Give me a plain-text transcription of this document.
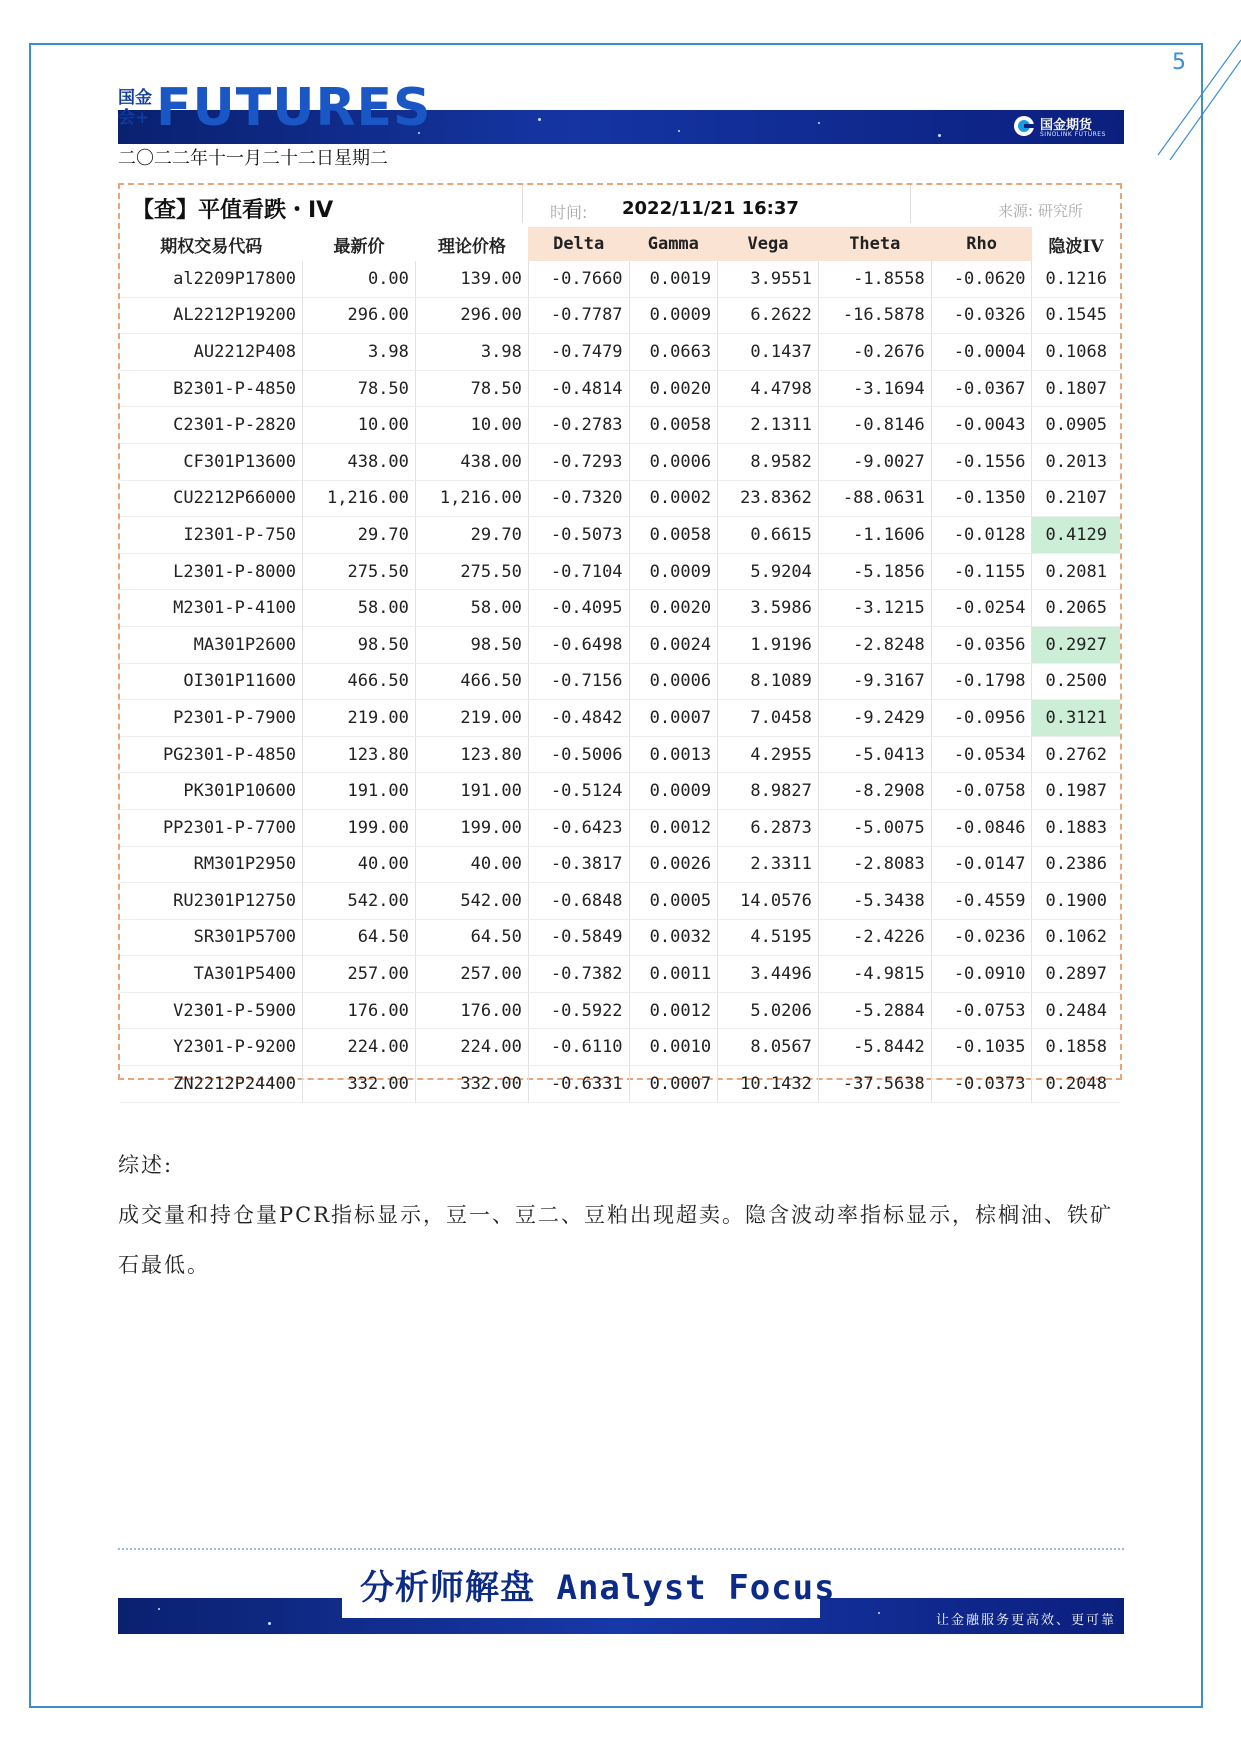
5
国金会+ FUTURES	国金期货
SINOLINK FUTURES
二〇二二年十一月二十二日星期二
【查】平值看跌・IV	时间: 2022/11/21 16:37	来源: 研究所
期权交易代码	最新价	理论价格	Delta	Gamma	Vega	Theta	Rho	隐波IV
al2209P17800	0.00	139.00	-0.7660	0.0019	3.9551	-1.8558	-0.0620	0.1216
AL2212P19200	296.00	296.00	-0.7787	0.0009	6.2622	-16.5878	-0.0326	0.1545
AU2212P408	3.98	3.98	-0.7479	0.0663	0.1437	-0.2676	-0.0004	0.1068
B2301-P-4850	78.50	78.50	-0.4814	0.0020	4.4798	-3.1694	-0.0367	0.1807
C2301-P-2820	10.00	10.00	-0.2783	0.0058	2.1311	-0.8146	-0.0043	0.0905
CF301P13600	438.00	438.00	-0.7293	0.0006	8.9582	-9.0027	-0.1556	0.2013
CU2212P66000	1,216.00	1,216.00	-0.7320	0.0002	23.8362	-88.0631	-0.1350	0.2107
I2301-P-750	29.70	29.70	-0.5073	0.0058	0.6615	-1.1606	-0.0128	0.4129
L2301-P-8000	275.50	275.50	-0.7104	0.0009	5.9204	-5.1856	-0.1155	0.2081
M2301-P-4100	58.00	58.00	-0.4095	0.0020	3.5986	-3.1215	-0.0254	0.2065
MA301P2600	98.50	98.50	-0.6498	0.0024	1.9196	-2.8248	-0.0356	0.2927
OI301P11600	466.50	466.50	-0.7156	0.0006	8.1089	-9.3167	-0.1798	0.2500
P2301-P-7900	219.00	219.00	-0.4842	0.0007	7.0458	-9.2429	-0.0956	0.3121
PG2301-P-4850	123.80	123.80	-0.5006	0.0013	4.2955	-5.0413	-0.0534	0.2762
PK301P10600	191.00	191.00	-0.5124	0.0009	8.9827	-8.2908	-0.0758	0.1987
PP2301-P-7700	199.00	199.00	-0.6423	0.0012	6.2873	-5.0075	-0.0846	0.1883
RM301P2950	40.00	40.00	-0.3817	0.0026	2.3311	-2.8083	-0.0147	0.2386
RU2301P12750	542.00	542.00	-0.6848	0.0005	14.0576	-5.3438	-0.4559	0.1900
SR301P5700	64.50	64.50	-0.5849	0.0032	4.5195	-2.4226	-0.0236	0.1062
TA301P5400	257.00	257.00	-0.7382	0.0011	3.4496	-4.9815	-0.0910	0.2897
V2301-P-5900	176.00	176.00	-0.5922	0.0012	5.0206	-5.2884	-0.0753	0.2484
Y2301-P-9200	224.00	224.00	-0.6110	0.0010	8.0567	-5.8442	-0.1035	0.1858
ZN2212P24400	332.00	332.00	-0.6331	0.0007	10.1432	-37.5638	-0.0373	0.2048
综述:
成交量和持仓量PCR指标显示，豆一、豆二、豆粕出现超卖。隐含波动率指标显示，棕榈油、铁矿石最低。
分析师解盘 Analyst Focus
让金融服务更高效、更可靠
